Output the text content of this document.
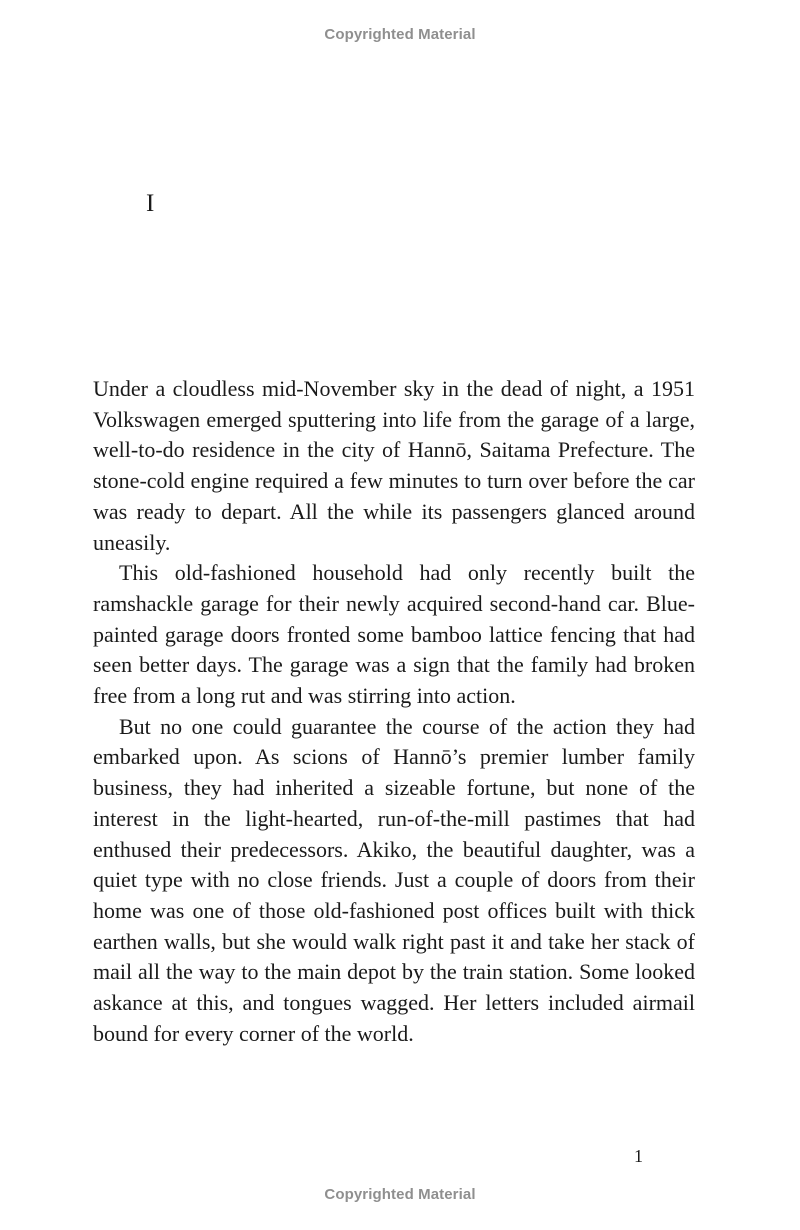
Copyrighted Material
I

Under a cloudless mid-November sky in the dead of night, a 1951 Volkswagen emerged sputtering into life from the garage of a large, well-to-do residence in the city of Hannō, Saitama Prefecture. The stone-cold engine required a few minutes to turn over before the car was ready to depart. All the while its passengers glanced around uneasily.

This old-fashioned household had only recently built the ramshackle garage for their newly acquired second-hand car. Blue-painted garage doors fronted some bamboo lattice fencing that had seen better days. The garage was a sign that the family had broken free from a long rut and was stirring into action.

But no one could guarantee the course of the action they had embarked upon. As scions of Hannō’s premier lumber family business, they had inherited a sizeable fortune, but none of the interest in the light-hearted, run-of-the-mill pastimes that had enthused their predecessors. Akiko, the beautiful daughter, was a quiet type with no close friends. Just a couple of doors from their home was one of those old-fashioned post offices built with thick earthen walls, but she would walk right past it and take her stack of mail all the way to the main depot by the train station. Some looked askance at this, and tongues wagged. Her letters included airmail bound for every corner of the world.

1
Copyrighted Material
